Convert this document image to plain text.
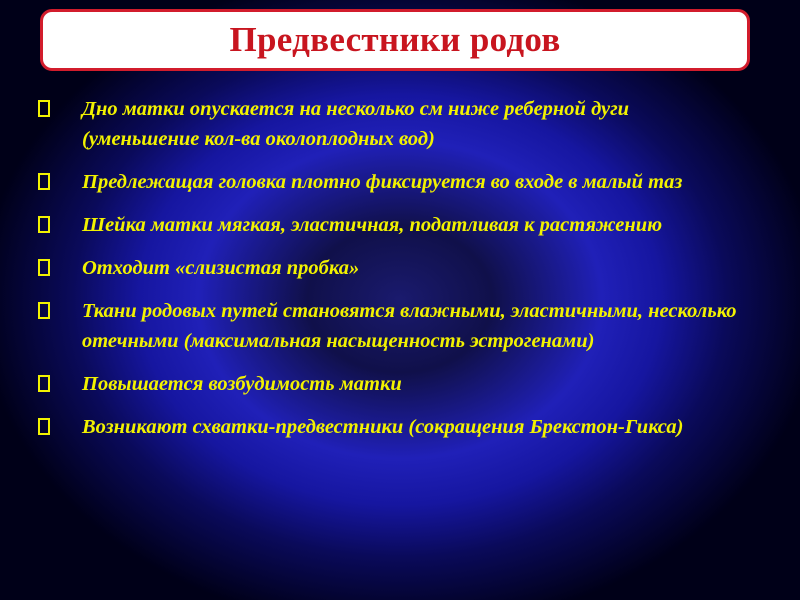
Предвестники родов
Дно матки опускается на несколько см ниже реберной дуги (уменьшение кол-ва околоплодных вод)
Предлежащая головка плотно фиксируется во входе в малый таз
Шейка матки мягкая, эластичная, податливая к растяжению
Отходит «слизистая пробка»
Ткани родовых путей становятся влажными, эластичными, несколько отечными (максимальная насыщенность эстрогенами)
Повышается возбудимость матки
Возникают схватки-предвестники (сокращения Брекстон-Гикса)
